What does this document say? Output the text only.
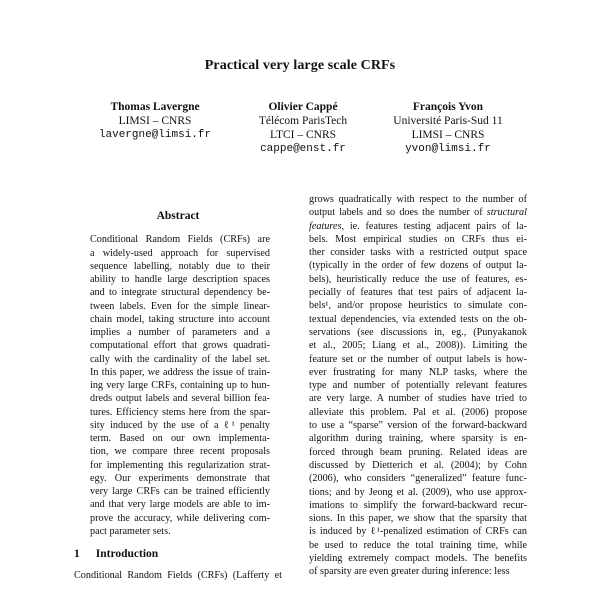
Practical very large scale CRFs
Thomas Lavergne
LIMSI – CNRS
lavergne@limsi.fr
Olivier Cappé
Télécom ParisTech
LTCI – CNRS
cappe@enst.fr
François Yvon
Université Paris-Sud 11
LIMSI – CNRS
yvon@limsi.fr
Abstract
Conditional Random Fields (CRFs) are
a widely-used approach for supervised
sequence labelling, notably due to their
ability to handle large description spaces
and to integrate structural dependency be-
tween labels. Even for the simple linear-
chain model, taking structure into account
implies a number of parameters and a
computational effort that grows quadrati-
cally with the cardinality of the label set.
In this paper, we address the issue of train-
ing very large CRFs, containing up to hun-
dreds output labels and several billion fea-
tures. Efficiency stems here from the spar-
sity induced by the use of a ℓ¹ penalty
term. Based on our own implementa-
tion, we compare three recent proposals
for implementing this regularization strat-
egy. Our experiments demonstrate that
very large CRFs can be trained efficiently
and that very large models are able to im-
prove the accuracy, while delivering com-
pact parameter sets.
1 Introduction
Conditional Random Fields (CRFs) (Lafferty et
grows quadratically with respect to the number of
output labels and so does the number of structural
features, ie. features testing adjacent pairs of la-
bels. Most empirical studies on CRFs thus ei-
ther consider tasks with a restricted output space
(typically in the order of few dozens of output la-
bels), heuristically reduce the use of features, es-
pecially of features that test pairs of adjacent la-
bels¹, and/or propose heuristics to simulate con-
textual dependencies, via extended tests on the ob-
servations (see discussions in, eg., (Punyakanok
et al., 2005; Liang et al., 2008)). Limiting the
feature set or the number of output labels is how-
ever frustrating for many NLP tasks, where the
type and number of potentially relevant features
are very large. A number of studies have tried to
alleviate this problem. Pal et al. (2006) propose
to use a “sparse” version of the forward-backward
algorithm during training, where sparsity is en-
forced through beam pruning. Related ideas are
discussed by Dietterich et al. (2004); by Cohn
(2006), who considers “generalized” feature func-
tions; and by Jeong et al. (2009), who use approx-
imations to simplify the forward-backward recur-
sions. In this paper, we show that the sparsity that
is induced by ℓ¹-penalized estimation of CRFs can
be used to reduce the total training time, while
yielding extremely compact models. The benefits
of sparsity are even greater during inference: less
